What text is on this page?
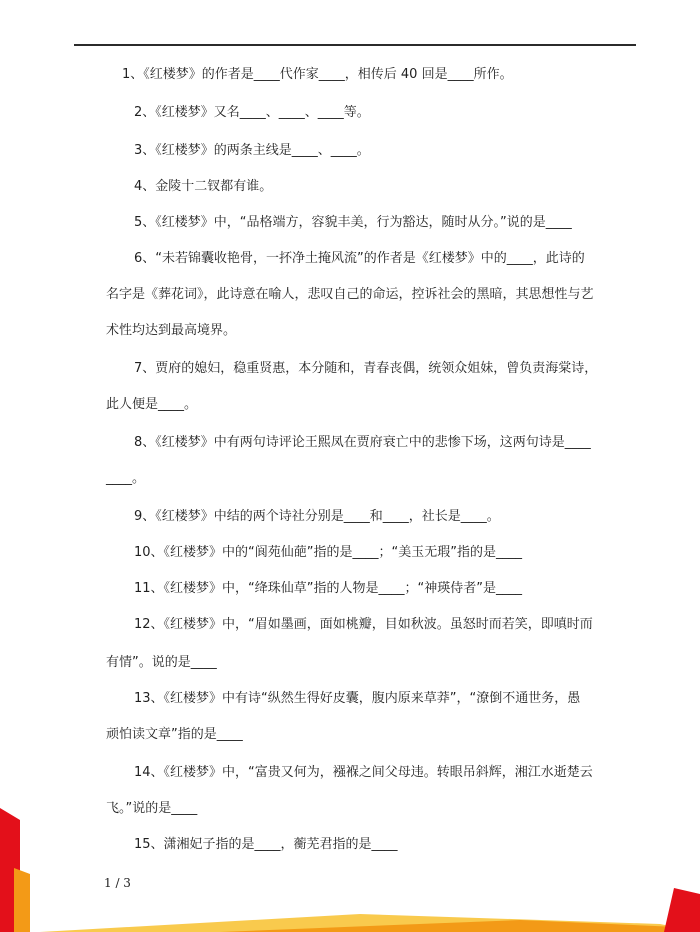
1、《红楼梦》的作者是____代作家____，相传后 40 回是____所作。
2、《红楼梦》又名____、____、____等。
3、《红楼梦》的两条主线是____、____。
4、金陵十二钗都有谁。
5、《红楼梦》中，“品格端方，容貌丰美，行为豁达，随时从分。”说的是____
6、“未若锦囊收艳骨，一抔净土掩风流”的作者是《红楼梦》中的____，此诗的
名字是《葬花词》，此诗意在喻人，悲叹自己的命运，控诉社会的黑暗，其思想性与艺
术性均达到最高境界。
7、贾府的媳妇，稳重贤惠，本分随和，青春丧偶，统领众姐妹，曾负责海棠诗，
此人便是____。
8、《红楼梦》中有两句诗评论王熙凤在贾府衰亡中的悲惨下场，这两句诗是____
____。
9、《红楼梦》中结的两个诗社分别是____和____，社长是____。
10、《红楼梦》中的“阆苑仙葩”指的是____；“美玉无瑕”指的是____
11、《红楼梦》中，“绛珠仙草”指的人物是____；“神瑛侍者”是____
12、《红楼梦》中，“眉如墨画，面如桃瓣，目如秋波。虽怒时而若笑，即嗔时而
有情”。说的是____
13、《红楼梦》中有诗“纵然生得好皮囊，腹内原来草莽”，“潦倒不通世务，愚
顽怕读文章”指的是____
14、《红楼梦》中，“富贵又何为，襁褓之间父母违。转眼吊斜辉，湘江水逝楚云
飞。”说的是____
15、潇湘妃子指的是____，蘅芜君指的是____
1 / 3
